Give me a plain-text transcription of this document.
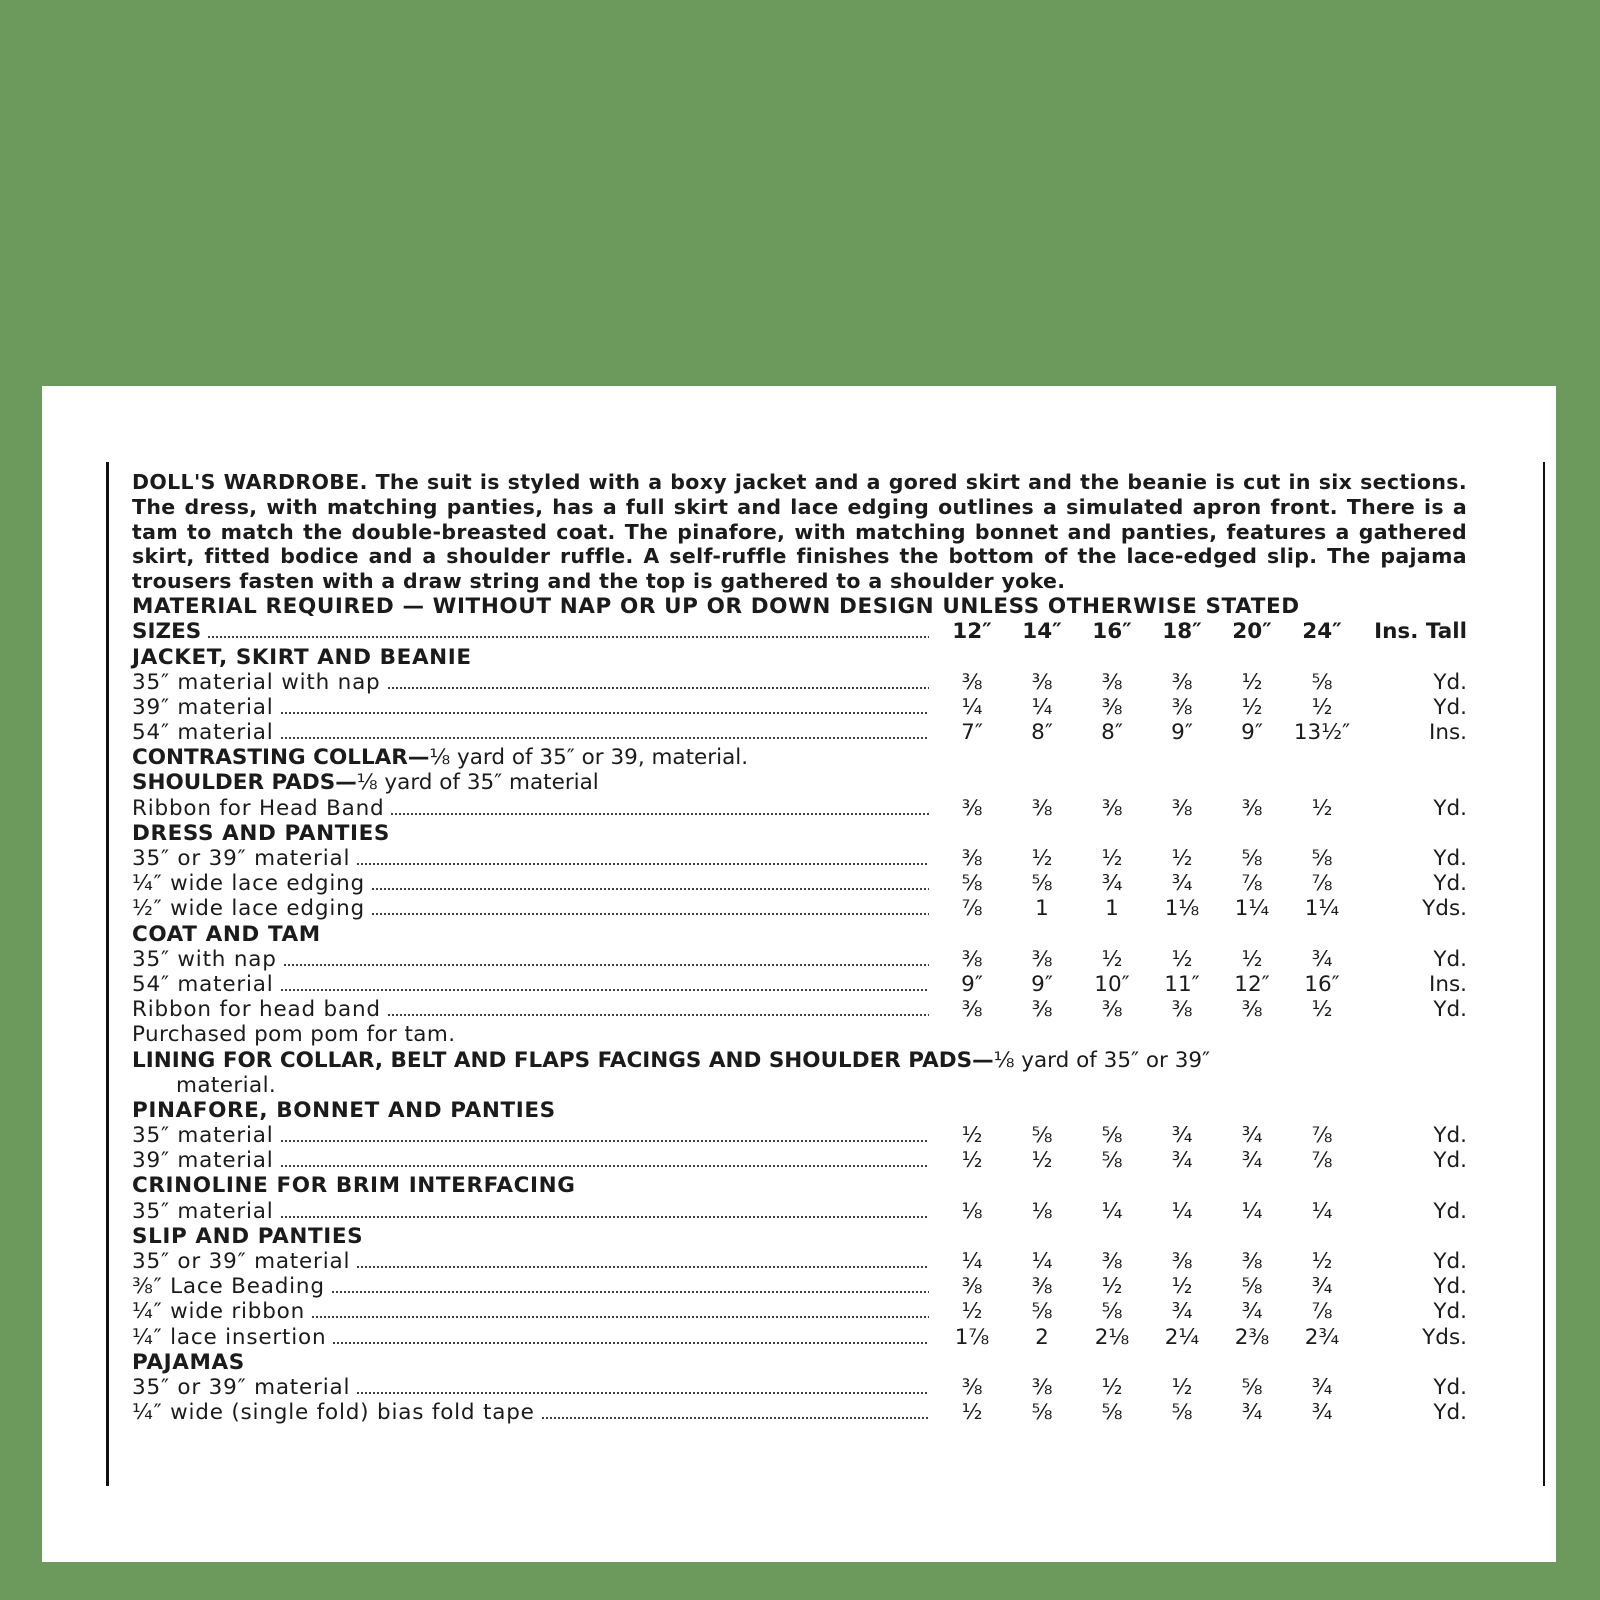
DOLL'S WARDROBE. The suit is styled with a boxy jacket and a gored skirt and the beanie is cut in six sections. The dress, with matching panties, has a full skirt and lace edging outlines a simulated apron front. There is a tam to match the double-breasted coat. The pinafore, with matching bonnet and panties, features a gathered skirt, fitted bodice and a shoulder ruffle. A self-ruffle finishes the bottom of the lace-edged slip. The pajama trousers fasten with a draw string and the top is gathered to a shoulder yoke.

MATERIAL REQUIRED — WITHOUT NAP OR UP OR DOWN DESIGN UNLESS OTHERWISE STATED
SIZES	12″	14″	16″	18″	20″	24″	Ins. Tall
JACKET, SKIRT AND BEANIE
35″ material with nap	⅜	⅜	⅜	⅜	½	⅝	Yd.
39″ material	¼	¼	⅜	⅜	½	½	Yd.
54″ material	7″	8″	8″	9″	9″	13½″	Ins.
CONTRASTING COLLAR— ⅛ yard of 35″ or 39, material.
SHOULDER PADS— ⅛ yard of 35″ material
Ribbon for Head Band	⅜	⅜	⅜	⅜	⅜	½	Yd.
DRESS AND PANTIES
35″ or 39″ material	⅜	½	½	½	⅝	⅝	Yd.
¼″ wide lace edging	⅝	⅝	¾	¾	⅞	⅞	Yd.
½″ wide lace edging	⅞	1	1	1⅛	1¼	1¼	Yds.
COAT AND TAM
35″ with nap	⅜	⅜	½	½	½	¾	Yd.
54″ material	9″	9″	10″	11″	12″	16″	Ins.
Ribbon for head band	⅜	⅜	⅜	⅜	⅜	½	Yd.
Purchased pom pom for tam.
LINING FOR COLLAR, BELT AND FLAPS FACINGS AND SHOULDER PADS— ⅛ yard of 35″ or 39″
material.
PINAFORE, BONNET AND PANTIES
35″ material	½	⅝	⅝	¾	¾	⅞	Yd.
39″ material	½	½	⅝	¾	¾	⅞	Yd.
CRINOLINE FOR BRIM INTERFACING
35″ material	⅛	⅛	¼	¼	¼	¼	Yd.
SLIP AND PANTIES
35″ or 39″ material	¼	¼	⅜	⅜	⅜	½	Yd.
⅜″ Lace Beading	⅜	⅜	½	½	⅝	¾	Yd.
¼″ wide ribbon	½	⅝	⅝	¾	¾	⅞	Yd.
¼″ lace insertion	1⅞	2	2⅛	2¼	2⅜	2¾	Yds.
PAJAMAS
35″ or 39″ material	⅜	⅜	½	½	⅝	¾	Yd.
¼″ wide (single fold) bias fold tape	½	⅝	⅝	⅝	¾	¾	Yd.
